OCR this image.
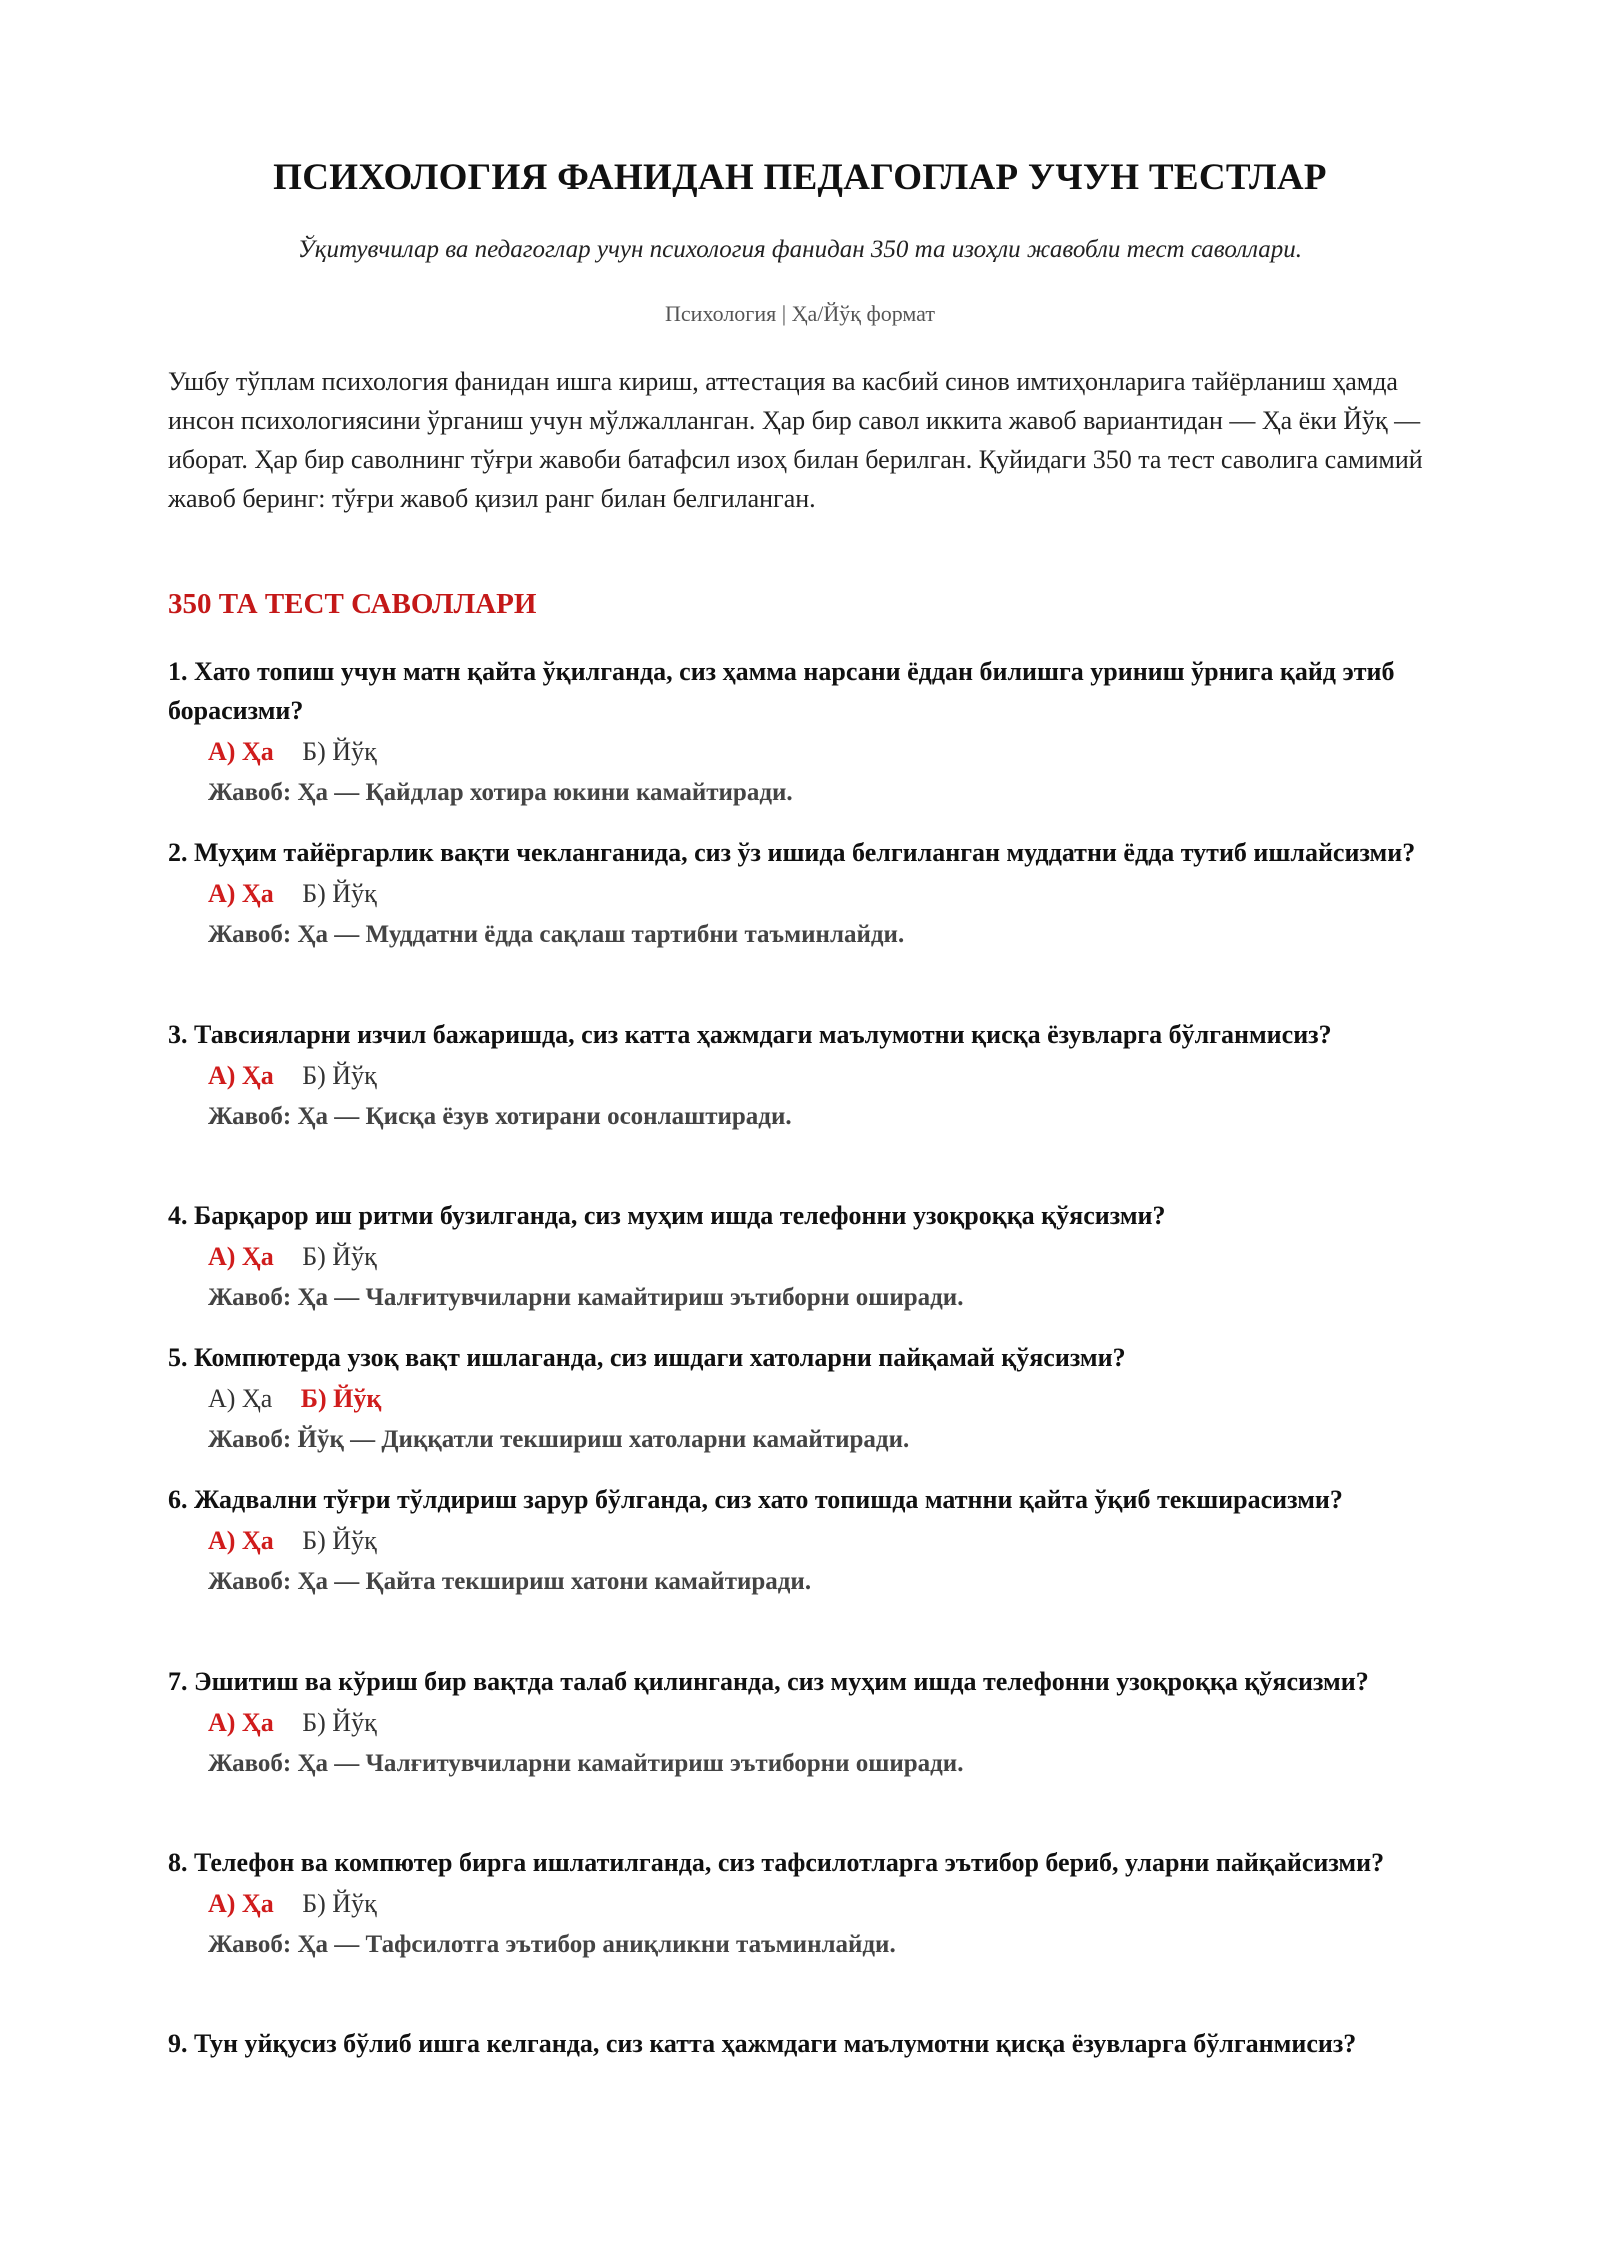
ПСИХОЛОГИЯ ФАНИДАН ПЕДАГОГЛАР УЧУН ТЕСТЛАР
Ўқитувчилар ва педагоглар учун психология фанидан 350 та изоҳли жавобли тест саволлари.
Психология | Ҳа/Йўқ формат
Ушбу тўплам психология фанидан ишга кириш, аттестация ва касбий синов имтиҳонларига тайёрланиш ҳамда инсон психологиясини ўрганиш учун мўлжалланган. Ҳар бир савол иккита жавоб вариантидан — Ҳа ёки Йўқ — иборат. Ҳар бир саволнинг тўғри жавоби батафсил изоҳ билан берилган. Қуйидаги 350 та тест саволига самимий жавоб беринг: тўғри жавоб қизил ранг билан белгиланган.
350 ТА ТЕСТ САВОЛЛАРИ
1. Хато топиш учун матн қайта ўқилганда, сиз ҳамма нарсани ёддан билишга уриниш ўрнига қайд этиб борасизми?
А) Ҳа Б) Йўқ
Жавоб: Ҳа — Қайдлар хотира юкини камайтиради.
2. Муҳим тайёргарлик вақти чекланганида, сиз ўз ишида белгиланган муддатни ёдда тутиб ишлайсизми?
А) Ҳа Б) Йўқ
Жавоб: Ҳа — Муддатни ёдда сақлаш тартибни таъминлайди.
3. Тавсияларни изчил бажаришда, сиз катта ҳажмдаги маълумотни қисқа ёзувларга бўлганмисиз?
А) Ҳа Б) Йўқ
Жавоб: Ҳа — Қисқа ёзув хотирани осонлаштиради.
4. Барқарор иш ритми бузилганда, сиз муҳим ишда телефонни узоқроққа қўясизми?
А) Ҳа Б) Йўқ
Жавоб: Ҳа — Чалғитувчиларни камайтириш эътиборни оширади.
5. Компютерда узоқ вақт ишлаганда, сиз ишдаги хатоларни пайқамай қўясизми?
А) Ҳа Б) Йўқ
Жавоб: Йўқ — Диққатли текшириш хатоларни камайтиради.
6. Жадвални тўғри тўлдириш зарур бўлганда, сиз хато топишда матнни қайта ўқиб текширасизми?
А) Ҳа Б) Йўқ
Жавоб: Ҳа — Қайта текшириш хатони камайтиради.
7. Эшитиш ва кўриш бир вақтда талаб қилинганда, сиз муҳим ишда телефонни узоқроққа қўясизми?
А) Ҳа Б) Йўқ
Жавоб: Ҳа — Чалғитувчиларни камайтириш эътиборни оширади.
8. Телефон ва компютер бирга ишлатилганда, сиз тафсилотларга эътибор бериб, уларни пайқайсизми?
А) Ҳа Б) Йўқ
Жавоб: Ҳа — Тафсилотга эътибор аниқликни таъминлайди.
9. Тун уйқусиз бўлиб ишга келганда, сиз катта ҳажмдаги маълумотни қисқа ёзувларга бўлганмисиз?
